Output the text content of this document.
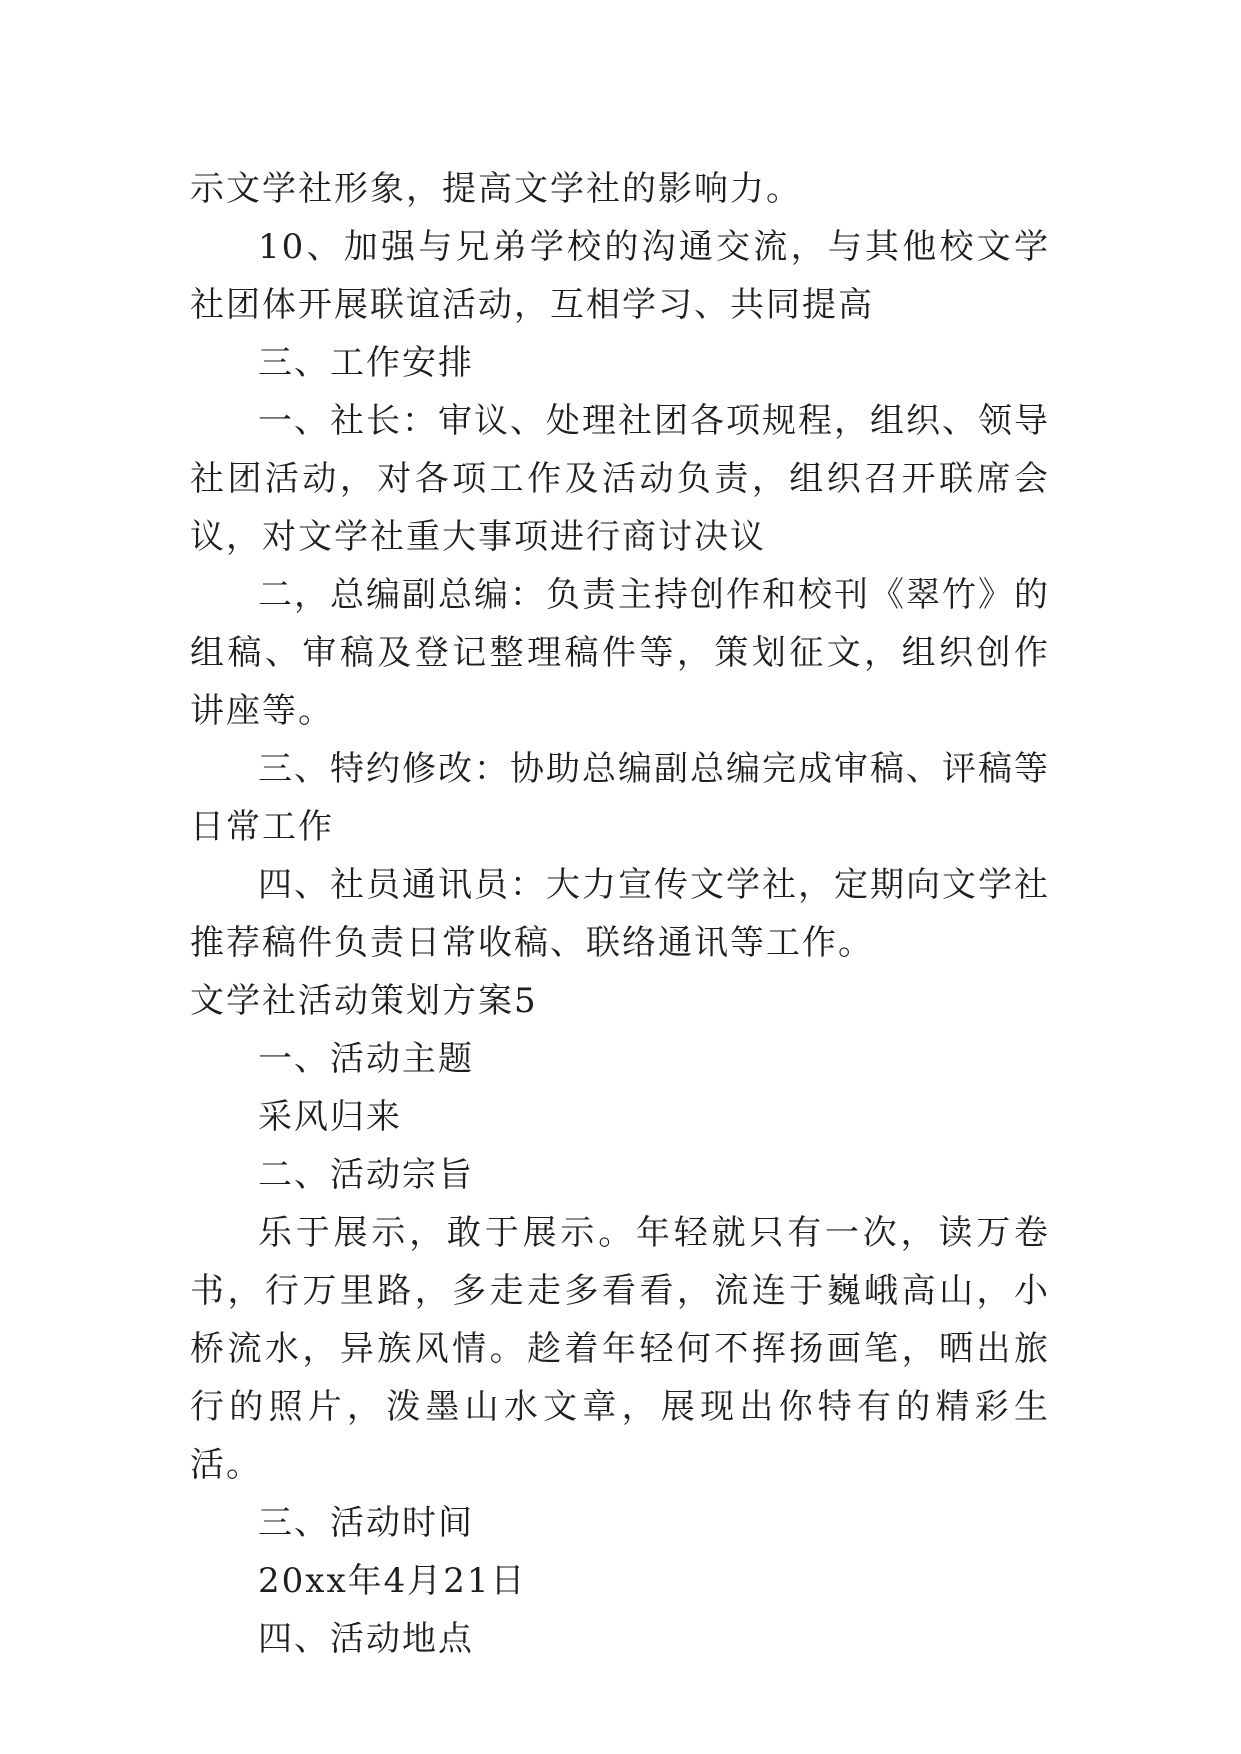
示文学社形象，提高文学社的影响力。

10、加强与兄弟学校的沟通交流，与其他校文学社团体开展联谊活动，互相学习、共同提高

三、工作安排

一、社长：审议、处理社团各项规程，组织、领导社团活动，对各项工作及活动负责，组织召开联席会议，对文学社重大事项进行商讨决议

二，总编副总编：负责主持创作和校刊《翠竹》的组稿、审稿及登记整理稿件等，策划征文，组织创作讲座等。

三、特约修改：协助总编副总编完成审稿、评稿等日常工作

四、社员通讯员：大力宣传文学社，定期向文学社推荐稿件负责日常收稿、联络通讯等工作。

文学社活动策划方案5

一、活动主题

采风归来

二、活动宗旨

乐于展示，敢于展示。年轻就只有一次，读万卷书，行万里路，多走走多看看，流连于巍峨高山，小桥流水，异族风情。趁着年轻何不挥扬画笔，晒出旅行的照片，泼墨山水文章，展现出你特有的精彩生活。

三、活动时间

20xx年4月21日

四、活动地点
